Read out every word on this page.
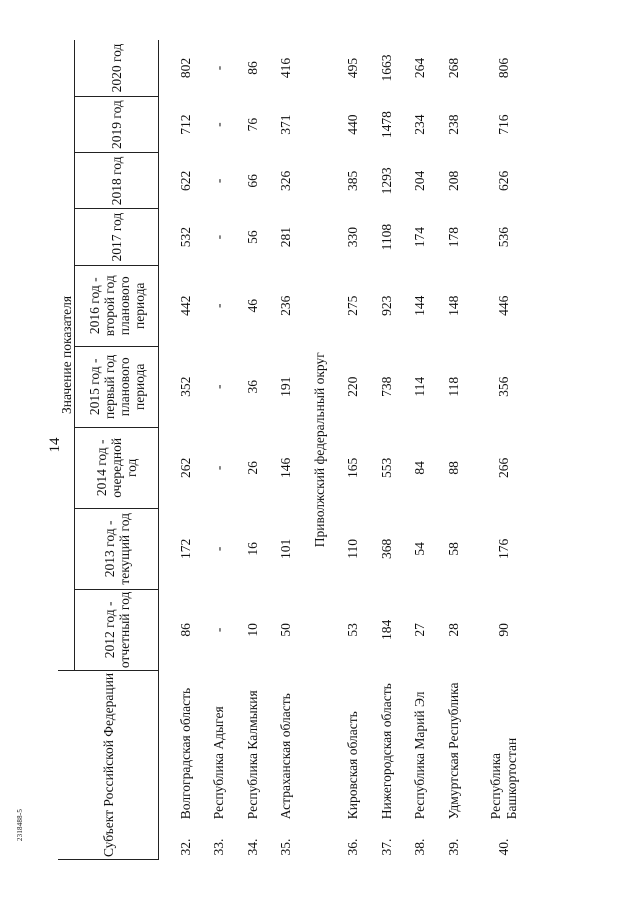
14
2318488-5	Субъект Российской Федерации		Значение показателя								
		2012 год - отчетный год	2013 год - текущий год	2014 год - очередной год	2015 год - первый год планового периода	2016 год - второй год планового периода	2017 год	2018 год	2019 год	2020 год

32.	Волгоградская область	86	172	262	352	442	532	622	712	802
33.	Республика Адыгея	-	-	-	-	-	-	-	-	-
34.	Республика Калмыкия	10	16	26	36	46	56	66	76	86
35.	Астраханская область	50	101	146	191	236	281	326	371	416
Приволжский федеральный округ										
36.	Кировская область	53	110	165	220	275	330	385	440	495
37.	Нижегородская область	184	368	553	738	923	1108	1293	1478	1663
38.	Республика Марий Эл	27	54	84	114	144	174	204	234	264
39.	Удмуртская Республика	28	58	88	118	148	178	208	238	268
40.	Республика Башкортостан	90	176	266	356	446	536	626	716	806
